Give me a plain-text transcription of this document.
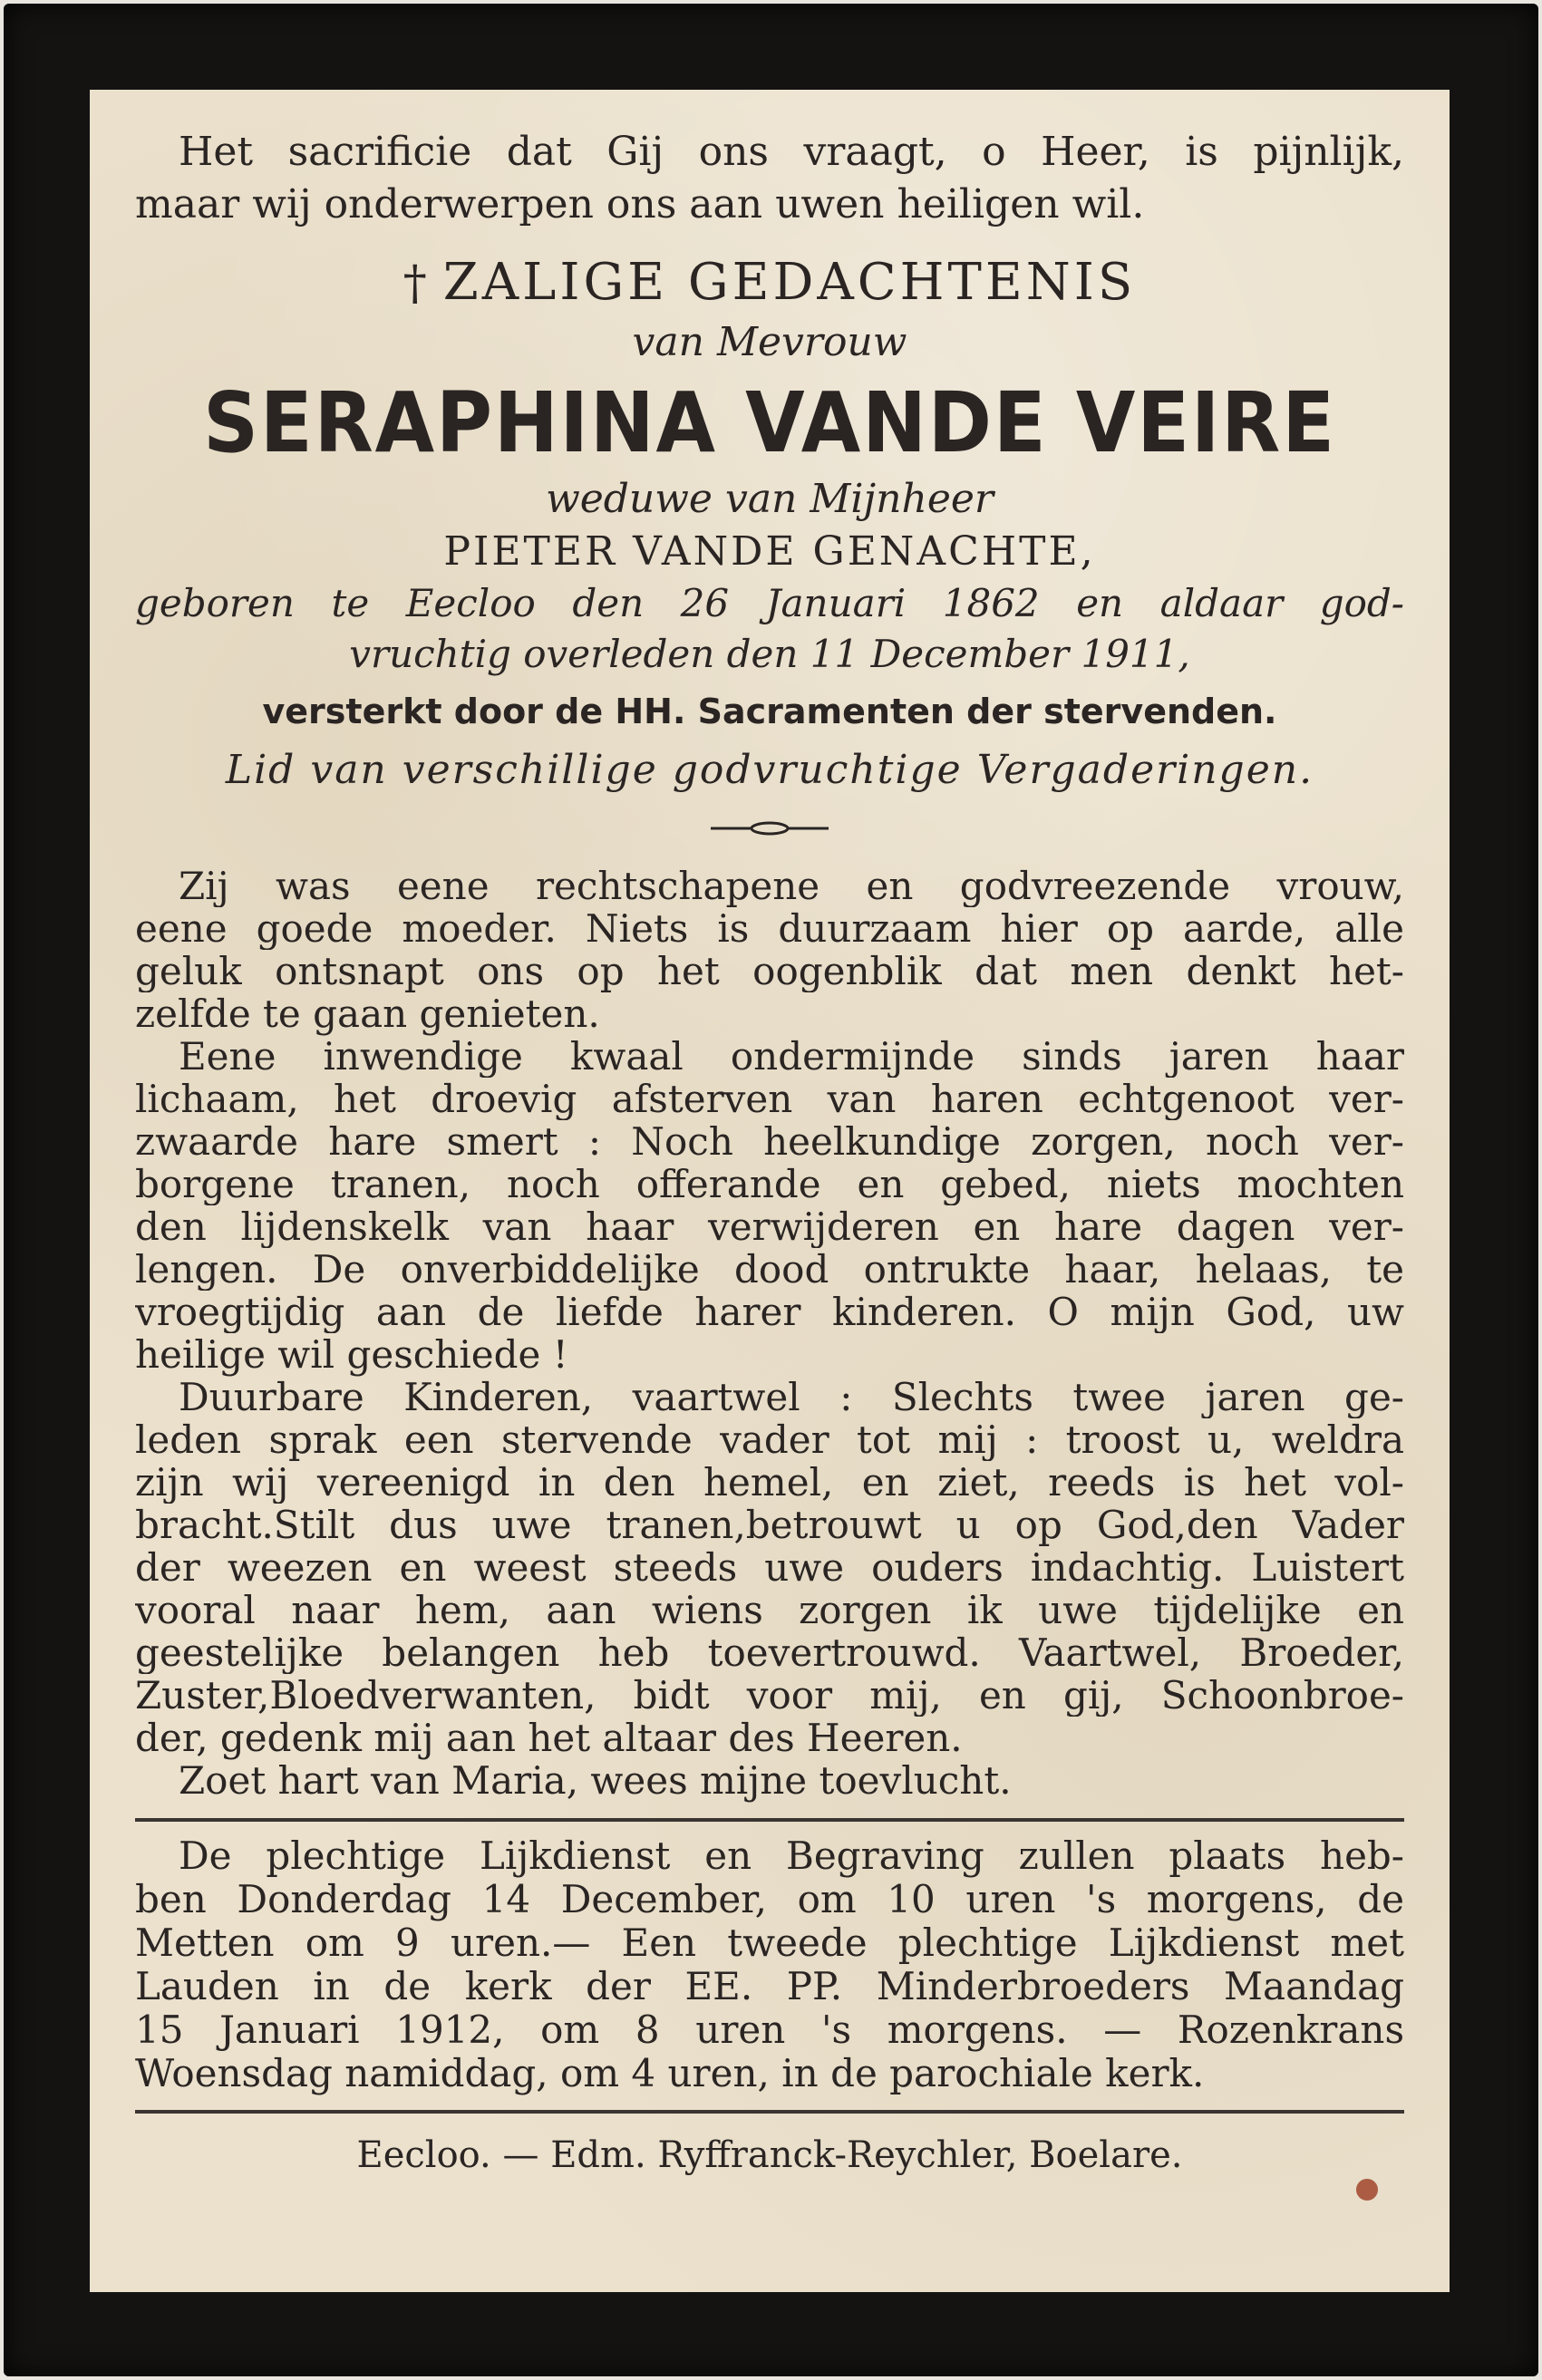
Het sacrificie dat Gij ons vraagt, o Heer, is pijnlijk,
maar wij onderwerpen ons aan uwen heiligen wil.
† ZALIGE GEDACHTENIS
van Mevrouw
SERAPHINA VANDE VEIRE
weduwe van Mijnheer
PIETER VANDE GENACHTE,
geboren te Eecloo den 26 Januari 1862 en aldaar god-
vruchtig overleden den 11 December 1911,
versterkt door de HH. Sacramenten der stervenden.
Lid van verschillige godvruchtige Vergaderingen.
Zij was eene rechtschapene en godvreezende vrouw,
eene goede moeder. Niets is duurzaam hier op aarde, alle
geluk ontsnapt ons op het oogenblik dat men denkt het-
zelfde te gaan genieten.
Eene inwendige kwaal ondermijnde sinds jaren haar
lichaam, het droevig afsterven van haren echtgenoot ver-
zwaarde hare smert : Noch heelkundige zorgen, noch ver-
borgene tranen, noch offerande en gebed, niets mochten
den lijdenskelk van haar verwijderen en hare dagen ver-
lengen. De onverbiddelijke dood ontrukte haar, helaas, te
vroegtijdig aan de liefde harer kinderen. O mijn God, uw
heilige wil geschiede !
Duurbare Kinderen, vaartwel : Slechts twee jaren ge-
leden sprak een stervende vader tot mij : troost u, weldra
zijn wij vereenigd in den hemel, en ziet, reeds is het vol-
bracht.Stilt dus uwe tranen,betrouwt u op God,den Vader
der weezen en weest steeds uwe ouders indachtig. Luistert
vooral naar hem, aan wiens zorgen ik uwe tijdelijke en
geestelijke belangen heb toevertrouwd. Vaartwel, Broeder,
Zuster,Bloedverwanten, bidt voor mij, en gij, Schoonbroe-
der, gedenk mij aan het altaar des Heeren.
Zoet hart van Maria, wees mijne toevlucht.
De plechtige Lijkdienst en Begraving zullen plaats heb-
ben Donderdag 14 December, om 10 uren 's morgens, de
Metten om 9 uren.— Een tweede plechtige Lijkdienst met
Lauden in de kerk der EE. PP. Minderbroeders Maandag
15 Januari 1912, om 8 uren 's morgens. — Rozenkrans
Woensdag namiddag, om 4 uren, in de parochiale kerk.
Eecloo. — Edm. Ryffranck-Reychler, Boelare.
